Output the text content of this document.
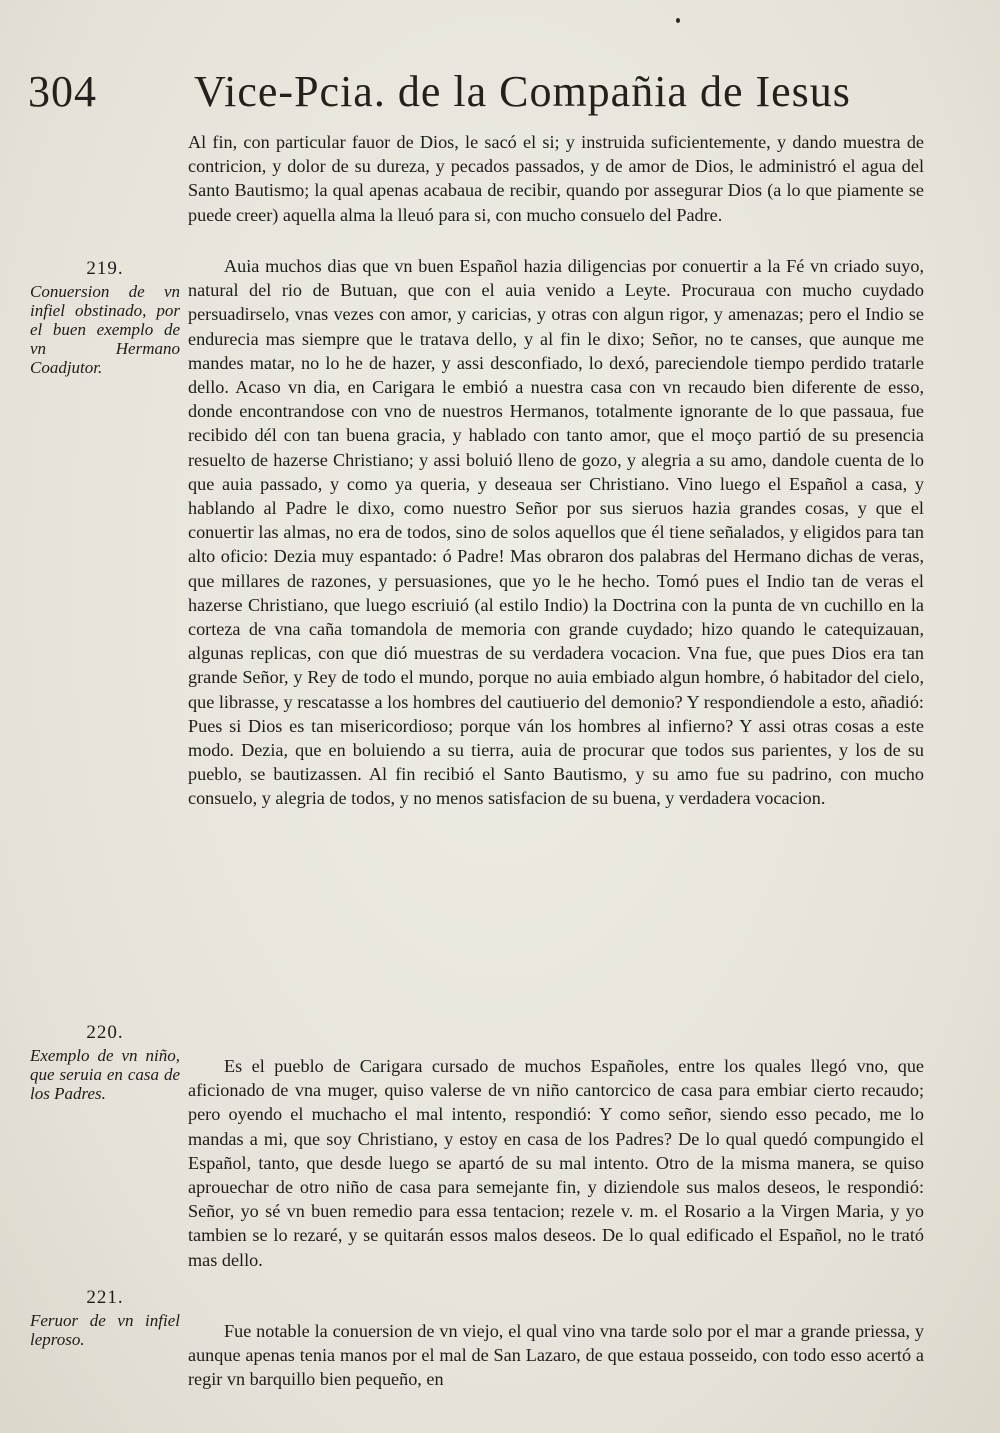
304 Vice-Pcia. de la Compañia de Iesus
219.
Conuersion de vn infiel obstinado, por el buen exemplo de vn Hermano Coadjutor.
220.
Exemplo de vn niño, que seruia en casa de los Padres.
221.
Feruor de vn infiel leproso.

Al fin, con particular fauor de Dios, le sacó el si; y instruida suficientemente, y dando muestra de contricion, y dolor de su dureza, y pecados passados, y de amor de Dios, le administró el agua del Santo Bautismo; la qual apenas acabaua de recibir, quando por assegurar Dios (a lo que piamente se puede creer) aquella alma la lleuó para si, con mucho consuelo del Padre.

Auia muchos dias que vn buen Español hazia diligencias por conuertir a la Fé vn criado suyo, natural del rio de Butuan, que con el auia venido a Leyte. Procuraua con mucho cuydado persuadirselo, vnas vezes con amor, y caricias, y otras con algun rigor, y amenazas; pero el Indio se endurecia mas siempre que le tratava dello, y al fin le dixo; Señor, no te canses, que aunque me mandes matar, no lo he de hazer, y assi desconfiado, lo dexó, pareciendole tiempo perdido tratarle dello. Acaso vn dia, en Carigara le embió a nuestra casa con vn recaudo bien diferente de esso, donde encontrandose con vno de nuestros Hermanos, totalmente ignorante de lo que passaua, fue recibido dél con tan buena gracia, y hablado con tanto amor, que el moço partió de su presencia resuelto de hazerse Christiano; y assi boluió lleno de gozo, y alegria a su amo, dandole cuenta de lo que auia passado, y como ya queria, y deseaua ser Christiano. Vino luego el Español a casa, y hablando al Padre le dixo, como nuestro Señor por sus sieruos hazia grandes cosas, y que el conuertir las almas, no era de todos, sino de solos aquellos que él tiene señalados, y eligidos para tan alto oficio: Dezia muy espantado: ó Padre! Mas obraron dos palabras del Hermano dichas de veras, que millares de razones, y persuasiones, que yo le he hecho. Tomó pues el Indio tan de veras el hazerse Christiano, que luego escriuió (al estilo Indio) la Doctrina con la punta de vn cuchillo en la corteza de vna caña tomandola de memoria con grande cuydado; hizo quando le catequizauan, algunas replicas, con que dió muestras de su verdadera vocacion. Vna fue, que pues Dios era tan grande Señor, y Rey de todo el mundo, porque no auia embiado algun hombre, ó habitador del cielo, que librasse, y rescatasse a los hombres del cautiuerio del demonio? Y respondiendole a esto, añadió: Pues si Dios es tan misericordioso; porque ván los hombres al infierno? Y assi otras cosas a este modo. Dezia, que en boluiendo a su tierra, auia de procurar que todos sus parientes, y los de su pueblo, se bautizassen. Al fin recibió el Santo Bautismo, y su amo fue su padrino, con mucho consuelo, y alegria de todos, y no menos satisfacion de su buena, y verdadera vocacion.

Es el pueblo de Carigara cursado de muchos Españoles, entre los quales llegó vno, que aficionado de vna muger, quiso valerse de vn niño cantorcico de casa para embiar cierto recaudo; pero oyendo el muchacho el mal intento, respondió: Y como señor, siendo esso pecado, me lo mandas a mi, que soy Christiano, y estoy en casa de los Padres? De lo qual quedó compungido el Español, tanto, que desde luego se apartó de su mal intento. Otro de la misma manera, se quiso aprouechar de otro niño de casa para semejante fin, y diziendole sus malos deseos, le respondió: Señor, yo sé vn buen remedio para essa tentacion; rezele v. m. el Rosario a la Virgen Maria, y yo tambien se lo rezaré, y se quitarán essos malos deseos. De lo qual edificado el Español, no le trató mas dello.

Fue notable la conuersion de vn viejo, el qual vino vna tarde solo por el mar a grande priessa, y aunque apenas tenia manos por el mal de San Lazaro, de que estaua posseido, con todo esso acertó a regir vn barquillo bien pequeño, en
